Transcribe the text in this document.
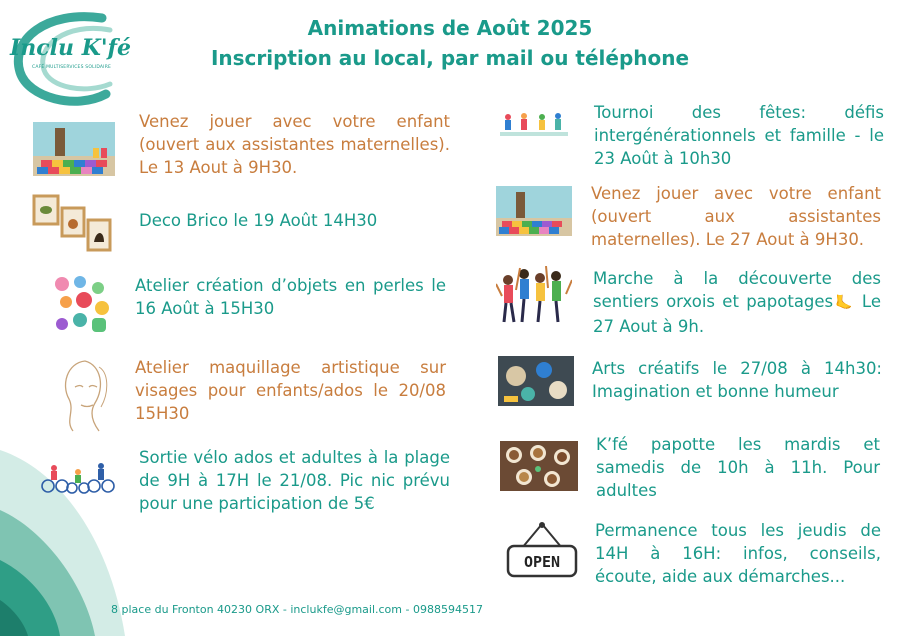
Inclu K'fé
CAFÉ MULTISERVICES SOLIDAIRE
Animations de Août 2025
Inscription au local, par mail ou téléphone
Venez jouer avec votre enfant (ouvert aux assistantes maternelles). Le 13 Aout à 9H30.
Deco Brico le 19 Août 14H30
Atelier création d’objets en perles le 16 Août à 15H30
Atelier maquillage artistique sur visages pour enfants/ados le 20/08 15H30
Sortie vélo ados et adultes à la plage de 9H à 17H le 21/08. Pic nic prévu pour une participation de 5€
Tournoi des fêtes: défis intergénérationnels et famille - le 23 Août à 10h30
Venez jouer avec votre enfant (ouvert aux assistantes maternelles). Le 27 Aout à 9H30.
Marche à la découverte des sentiers orxois et papotages🦶 Le 27 Aout à 9h.
Arts créatifs le 27/08 à 14h30: Imagination et bonne humeur
K’fé papotte les mardis et samedis de 10h à 11h. Pour adultes
OPEN
Permanence tous les jeudis de 14H à 16H: infos, conseils, écoute, aide aux démarches...
8 place du Fronton 40230 ORX - inclukfe@gmail.com - 0988594517
